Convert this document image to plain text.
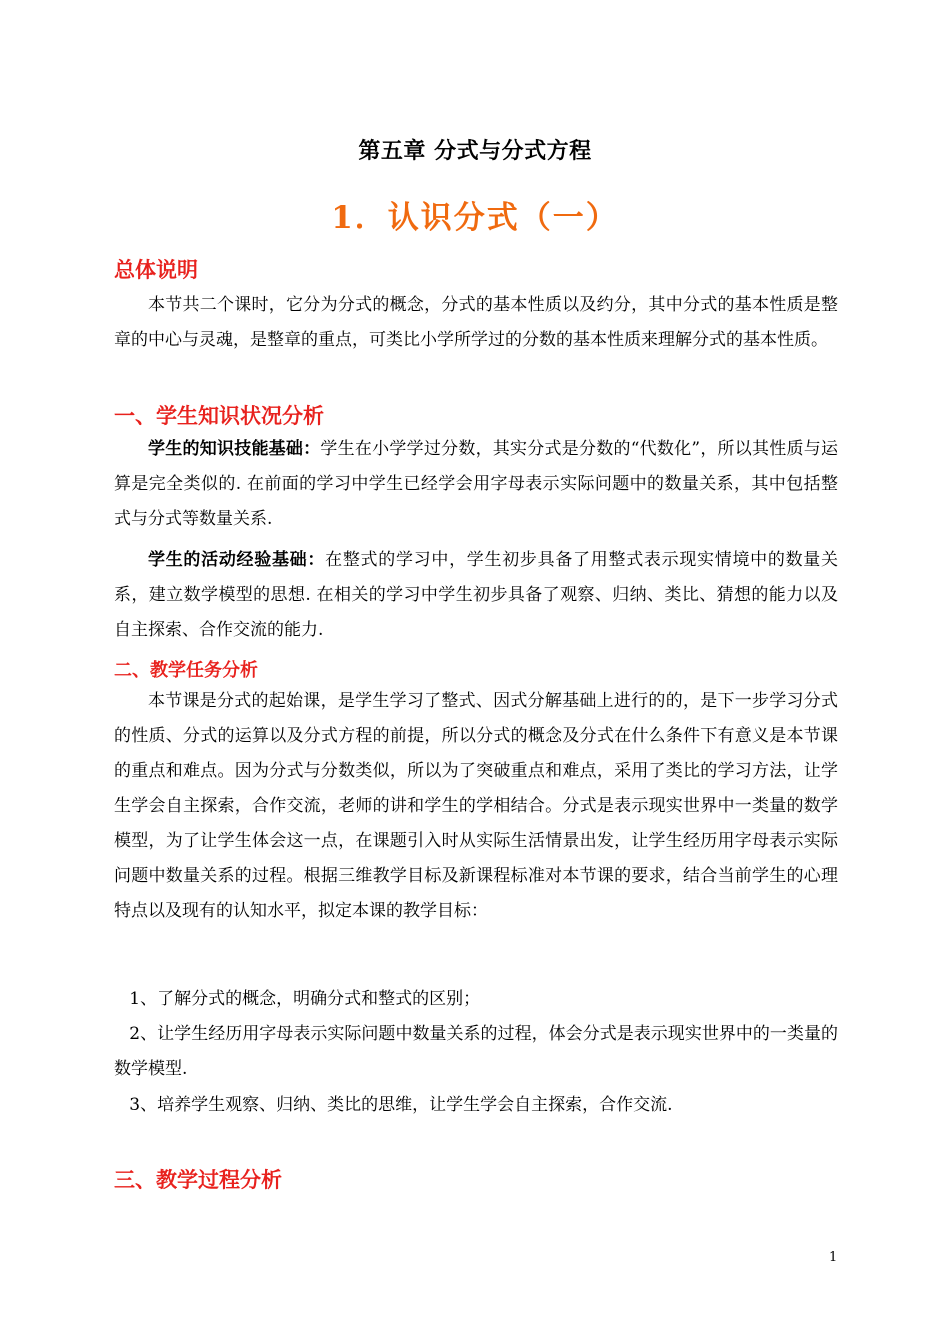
第五章 分式与分式方程
1．认识分式（一）
总体说明
本节共二个课时，它分为分式的概念，分式的基本性质以及约分，其中分式的基本性质是整章的中心与灵魂，是整章的重点，可类比小学所学过的分数的基本性质来理解分式的基本性质。
一、学生知识状况分析
学生的知识技能基础：学生在小学学过分数，其实分式是分数的“代数化”，所以其性质与运算是完全类似的. 在前面的学习中学生已经学会用字母表示实际问题中的数量关系，其中包括整式与分式等数量关系.
学生的活动经验基础：在整式的学习中，学生初步具备了用整式表示现实情境中的数量关系，建立数学模型的思想. 在相关的学习中学生初步具备了观察、归纳、类比、猜想的能力以及自主探索、合作交流的能力.
二、教学任务分析
本节课是分式的起始课，是学生学习了整式、因式分解基础上进行的的，是下一步学习分式的性质、分式的运算以及分式方程的前提，所以分式的概念及分式在什么条件下有意义是本节课的重点和难点。因为分式与分数类似，所以为了突破重点和难点，采用了类比的学习方法，让学生学会自主探索，合作交流，老师的讲和学生的学相结合。分式是表示现实世界中一类量的数学模型，为了让学生体会这一点，在课题引入时从实际生活情景出发，让学生经历用字母表示实际问题中数量关系的过程。根据三维教学目标及新课程标准对本节课的要求，结合当前学生的心理特点以及现有的认知水平，拟定本课的教学目标：
1、了解分式的概念，明确分式和整式的区别；
2、让学生经历用字母表示实际问题中数量关系的过程，体会分式是表示现实世界中的一类量的数学模型.
3、培养学生观察、归纳、类比的思维，让学生学会自主探索，合作交流.
三、教学过程分析
1
